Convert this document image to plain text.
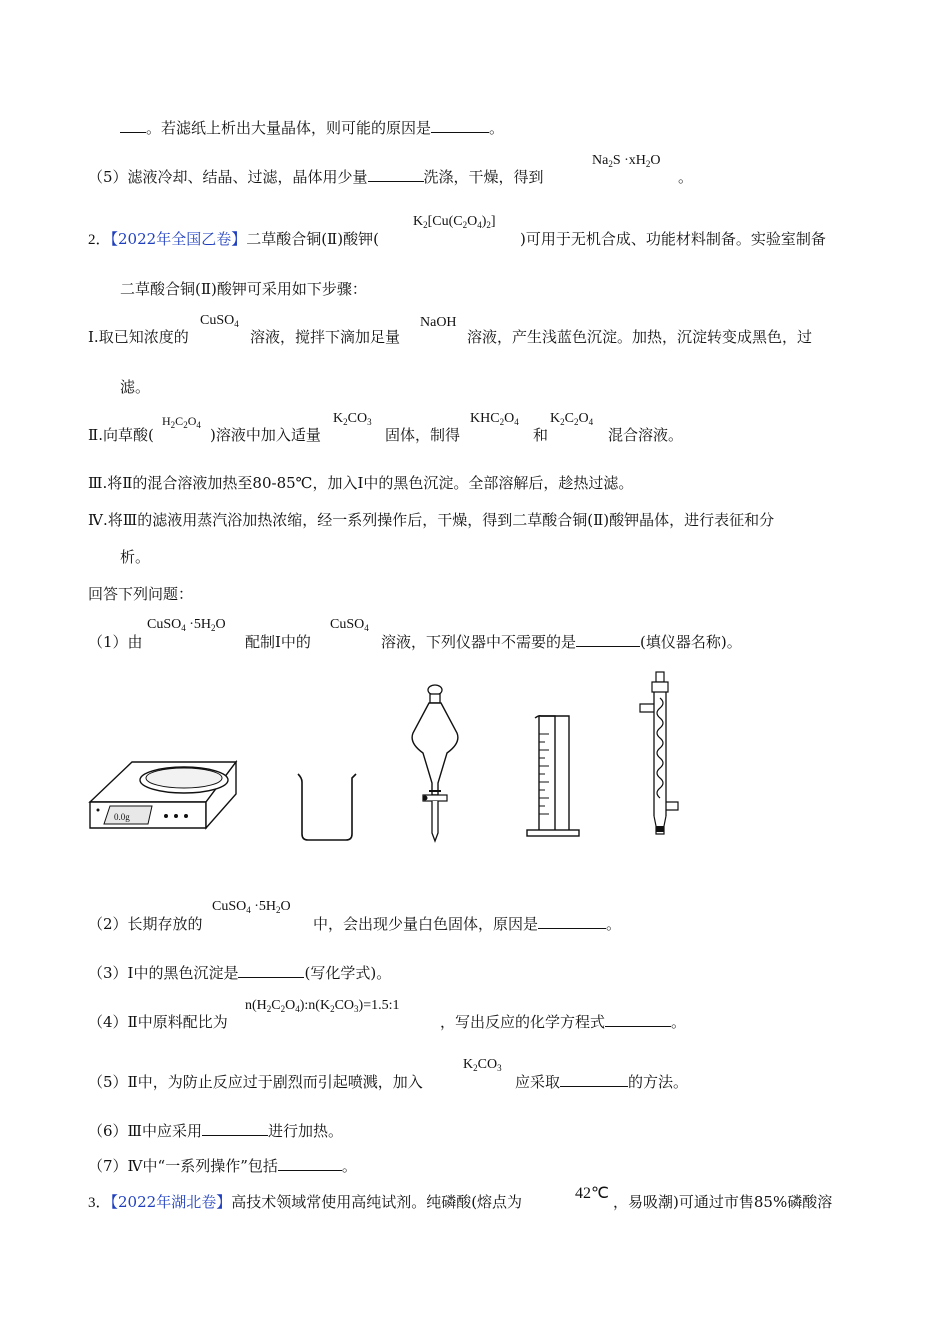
。若滤纸上析出大量晶体，则可能的原因是	。
（5）滤液冷却、结晶、过滤，晶体用少量	洗涤，干燥，得到
$Na_2S \cdot xH_2O$
。
2．【2022年全国乙卷】二草酸合铜(Ⅱ)酸钾(
$K_2[Cu(C_2O_4)_2]$
)可用于无机合成、功能材料制备。实验室制备
二草酸合铜(Ⅱ)酸钾可采用如下步骤：
Ⅰ.取已知浓度的
CuSO$_4$
溶液，搅拌下滴加足量
NaOH
溶液，产生浅蓝色沉淀。加热，沉淀转变成黑色，过
滤。
Ⅱ.向草酸(
$H_2C_2O_4$
)溶液中加入适量
$K_2CO_3$
固体，制得
$KHC_2O_4$
和
$K_2C_2O_4$
混合溶液。
Ⅲ.将Ⅱ的混合溶液加热至80-85℃，加入Ⅰ中的黑色沉淀。全部溶解后，趁热过滤。
Ⅳ.将Ⅲ的滤液用蒸汽浴加热浓缩，经一系列操作后，干燥，得到二草酸合铜(Ⅱ)酸钾晶体，进行表征和分
析。
回答下列问题：
（1）由
CuSO$_4$ $\cdot 5H_2O$
配制Ⅰ中的
CuSO$_4$
溶液，下列仪器中不需要的是	(填仪器名称)。
0.0g
（2）长期存放的
CuSO$_4$ $\cdot 5H_2O$
中，会出现少量白色固体，原因是	。
（3）Ⅰ中的黑色沉淀是	(写化学式)。
（4）Ⅱ中原料配比为
$n(H_2C_2O_4):n(K_2CO_3)=1.5:1$
，写出反应的化学方程式	。
（5）Ⅱ中，为防止反应过于剧烈而引起喷溅，加入
$K_2CO_3$
应采取	的方法。
（6）Ⅲ中应采用	进行加热。
（7）Ⅳ中“一系列操作”包括	。
3．【2022年湖北卷】高技术领域常使用高纯试剂。纯磷酸(熔点为	42℃ ，易吸潮)可通过市售85%磷酸溶
